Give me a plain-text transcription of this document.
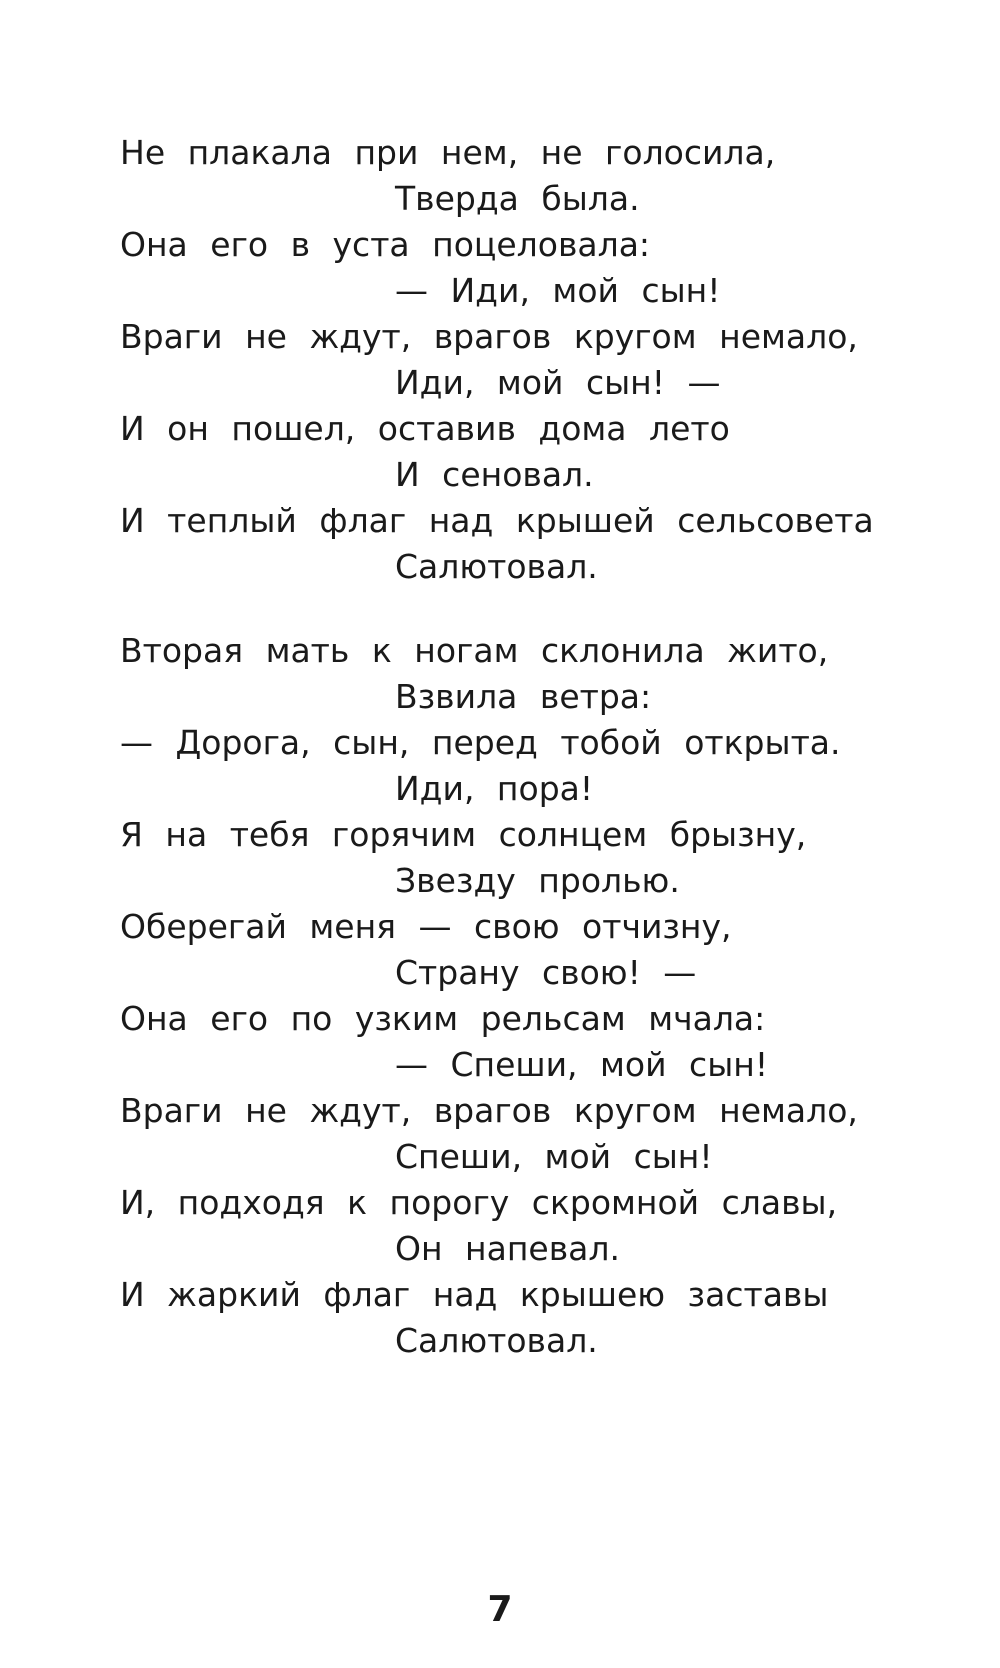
Не плакала при нем, не голосила,
Тверда была.
Она его в уста поцеловала:
— Иди, мой сын!
Враги не ждут, врагов кругом немало,
Иди, мой сын! —
И он пошел, оставив дома лето
И сеновал.
И теплый флаг над крышей сельсовета
Салютовал.
Вторая мать к ногам склонила жито,
Взвила ветра:
— Дорога, сын, перед тобой открыта.
Иди, пора!
Я на тебя горячим солнцем брызну,
Звезду пролью.
Оберегай меня — свою отчизну,
Страну свою! —
Она его по узким рельсам мчала:
— Спеши, мой сын!
Враги не ждут, врагов кругом немало,
Спеши, мой сын!
И, подходя к порогу скромной славы,
Он напевал.
И жаркий флаг над крышею заставы
Салютовал.
7
